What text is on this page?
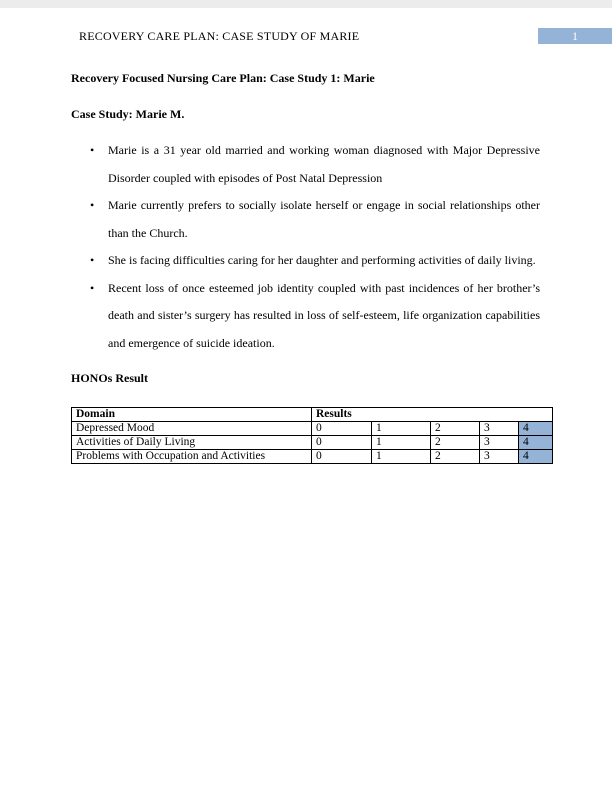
RECOVERY CARE PLAN: CASE STUDY OF MARIE	1
Recovery Focused Nursing Care Plan: Case Study 1: Marie
Case Study: Marie M.
•	Marie is a 31 year old married and working woman diagnosed with Major Depressive Disorder coupled with episodes of Post Natal Depression
•	Marie currently prefers to socially isolate herself or engage in social relationships other than the Church.
•	She is facing difficulties caring for her daughter and performing activities of daily living.
•	Recent loss of once esteemed job identity coupled with past incidences of her brother’s death and sister’s surgery has resulted in loss of self-esteem, life organization capabilities and emergence of suicide ideation.
HONOs Result
Domain	Results				
Depressed Mood	0	1	2	3	4
Activities of Daily Living	0	1	2	3	4
Problems with Occupation and Activities	0	1	2	3	4
